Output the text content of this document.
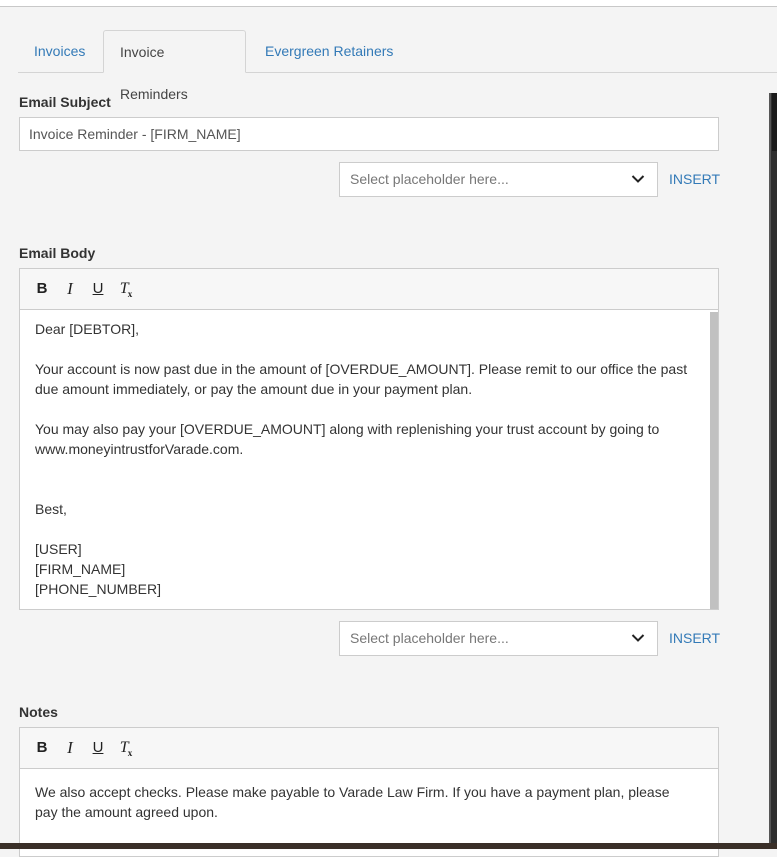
Invoices	Invoice Reminders
Evergreen Retainers
Email Subject
Invoice Reminder - [FIRM_NAME]
Select placeholder here...	INSERT
Email Body
B	I	U $T_x$

Dear [DEBTOR],

Your account is now past due in the amount of [OVERDUE_AMOUNT]. Please remit to our office the past due amount immediately, or pay the amount due in your payment plan.

You may also pay your [OVERDUE_AMOUNT] along with replenishing your trust account by going to www.moneyintrustforVarade.com.

Best,

[USER]

[FIRM_NAME]

[PHONE_NUMBER]

Select placeholder here...	INSERT
Notes
B	I	U $T_x$

We also accept checks. Please make payable to Varade Law Firm. If you have a payment plan, please pay the amount agreed upon.
